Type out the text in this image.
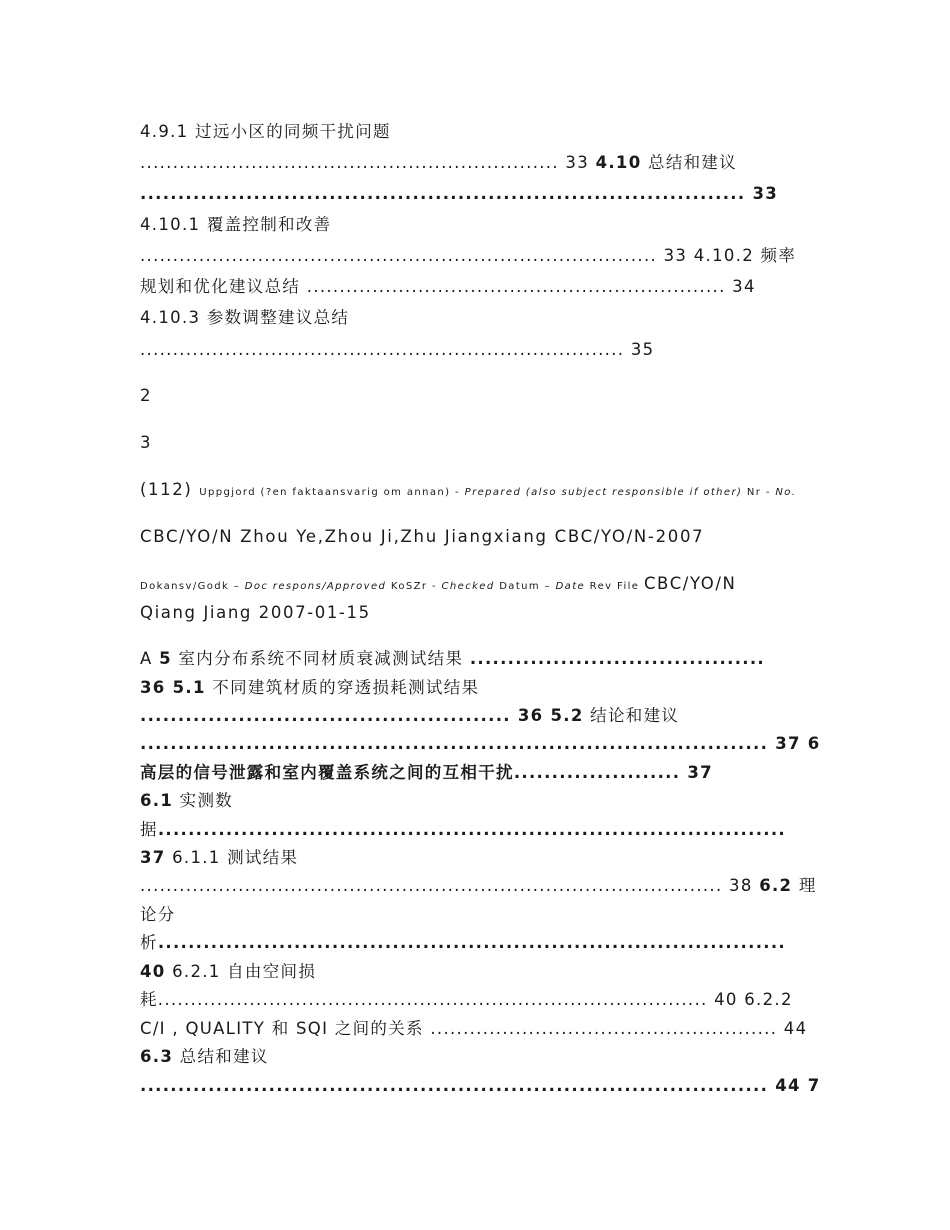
4.9.1 过远小区的同频干扰问题
................................................................ 33 4.10 总结和建议
................................................................................ 33
4.10.1 覆盖控制和改善
............................................................................... 33 4.10.2 频率
规划和优化建议总结 ................................................................ 34
4.10.3 参数调整建议总结
.......................................................................... 35
2
3
(112) Uppgjord (?en faktaansvarig om annan) - Prepared (also subject responsible if other) Nr - No.
CBC/YO/N Zhou Ye,Zhou Ji,Zhu Jiangxiang CBC/YO/N-2007
Dokansv/Godk – Doc respons/Approved KoSZr - Checked Datum – Date Rev File CBC/YO/N
Qiang Jiang 2007-01-15
A 5 室内分布系统不同材质衰减测试结果 .......................................
36 5.1 不同建筑材质的穿透损耗测试结果
................................................. 36 5.2 结论和建议
................................................................................... 37 6
高层的信号泄露和室内覆盖系统之间的互相干扰...................... 37
6.1 实测数
据...................................................................................
37 6.1.1 测试结果
......................................................................................... 38 6.2 理
论分
析...................................................................................
40 6.2.1 自由空间损
耗.................................................................................... 40 6.2.2
C/I , QUALITY 和 SQI 之间的关系 ..................................................... 44
6.3 总结和建议
................................................................................... 44 7
